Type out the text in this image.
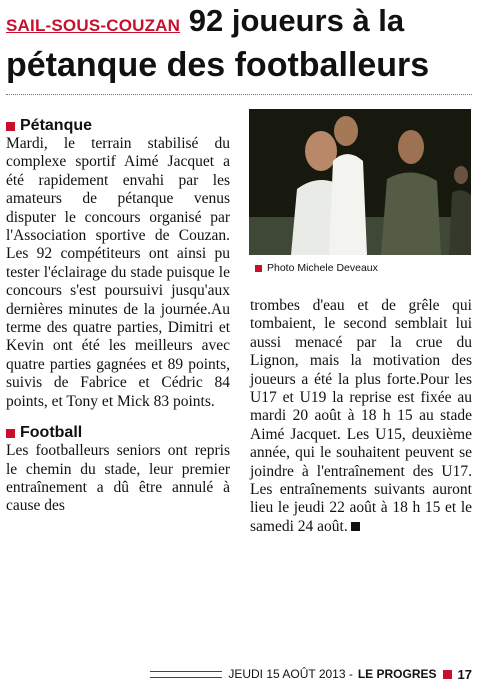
SAIL-SOUS-COUZAN 92 joueurs à la
pétanque des footballeurs
Pétanque

Mardi, le terrain stabilisé du complexe sportif Aimé Jacquet a été rapidement envahi par les amateurs de pétanque venus disputer le concours organisé par l'Association sportive de Couzan. Les 92 compétiteurs ont ainsi pu tester l'éclairage du stade puisque le concours s'est poursuivi jusqu'aux dernières minutes de la journée.Au terme des quatre parties, Dimitri et Kevin ont été les meilleurs avec quatre parties gagnées et 89 points, suivis de Fabrice et Cédric 84 points, et Tony et Mick 83 points.

Football

Les footballeurs seniors ont repris le chemin du stade, leur premier entraînement a dû être annulé à cause des

Photo Michele Deveaux

trombes d'eau et de grêle qui tombaient, le second semblait lui aussi menacé par la crue du Lignon, mais la motivation des joueurs a été la plus forte.Pour les U17 et U19 la reprise est fixée au mardi 20 août à 18 h 15 au stade Aimé Jacquet. Les U15, deuxième année, qui le souhaitent peuvent se joindre à l'entraînement des U17. Les entraînements suivants auront lieu le jeudi 22 août à 18 h 15 et le samedi 24 août.

JEUDI 15 AOÛT 2013 - LE PROGRES 17
